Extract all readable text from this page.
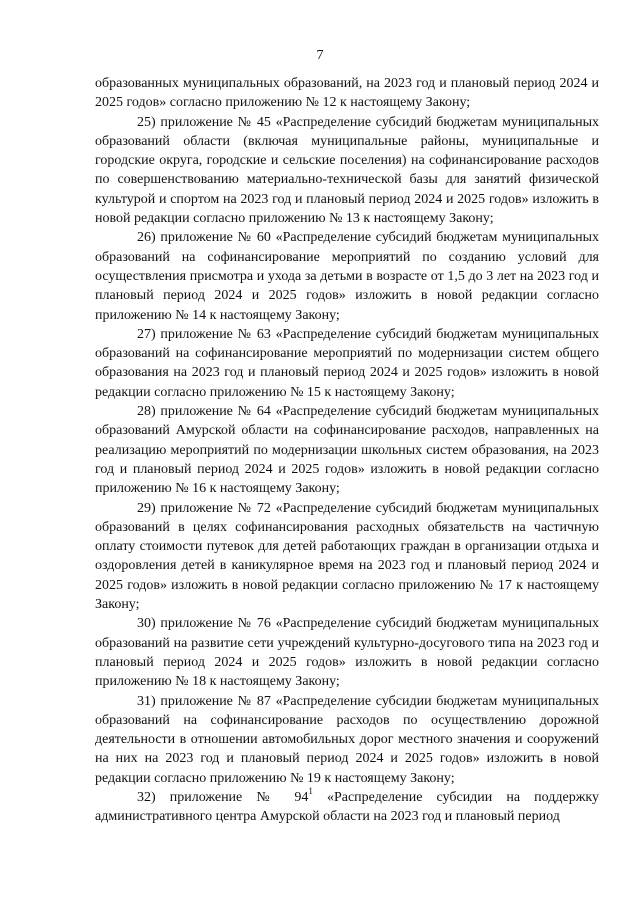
7

образованных муниципальных образований, на 2023 год и плановый период 2024 и 2025 годов» согласно приложению № 12 к настоящему Закону;

25) приложение № 45 «Распределение субсидий бюджетам муниципальных образований области (включая муниципальные районы, муниципальные и городские округа, городские и сельские поселения) на софинансирование расходов по совершенствованию материально-технической базы для занятий физической культурой и спортом на 2023 год и плановый период 2024 и 2025 годов» изложить в новой редакции согласно приложению № 13 к настоящему Закону;

26) приложение № 60 «Распределение субсидий бюджетам муниципальных образований на софинансирование мероприятий по созданию условий для осуществления присмотра и ухода за детьми в возрасте от 1,5 до 3 лет на 2023 год и плановый период 2024 и 2025 годов» изложить в новой редакции согласно приложению № 14 к настоящему Закону;

27) приложение № 63 «Распределение субсидий бюджетам муниципальных образований на софинансирование мероприятий по модернизации систем общего образования на 2023 год и плановый период 2024 и 2025 годов» изложить в новой редакции согласно приложению № 15 к настоящему Закону;

28) приложение № 64 «Распределение субсидий бюджетам муниципальных образований Амурской области на софинансирование расходов, направленных на реализацию мероприятий по модернизации школьных систем образования, на 2023 год и плановый период 2024 и 2025 годов» изложить в новой редакции согласно приложению № 16 к настоящему Закону;

29) приложение № 72 «Распределение субсидий бюджетам муниципальных образований в целях софинансирования расходных обязательств на частичную оплату стоимости путевок для детей работающих граждан в организации отдыха и оздоровления детей в каникулярное время на 2023 год и плановый период 2024 и 2025 годов» изложить в новой редакции согласно приложению № 17 к настоящему Закону;

30) приложение № 76 «Распределение субсидий бюджетам муниципальных образований на развитие сети учреждений культурно-досугового типа на 2023 год и плановый период 2024 и 2025 годов» изложить в новой редакции согласно приложению № 18 к настоящему Закону;

31) приложение № 87 «Распределение субсидии бюджетам муниципальных образований на софинансирование расходов по осуществлению дорожной деятельности в отношении автомобильных дорог местного значения и сооружений на них на 2023 год и плановый период 2024 и 2025 годов» изложить в новой редакции согласно приложению № 19 к настоящему Закону;

32) приложение № $94^1$ «Распределение субсидии на поддержку административного центра Амурской области на 2023 год и плановый период
